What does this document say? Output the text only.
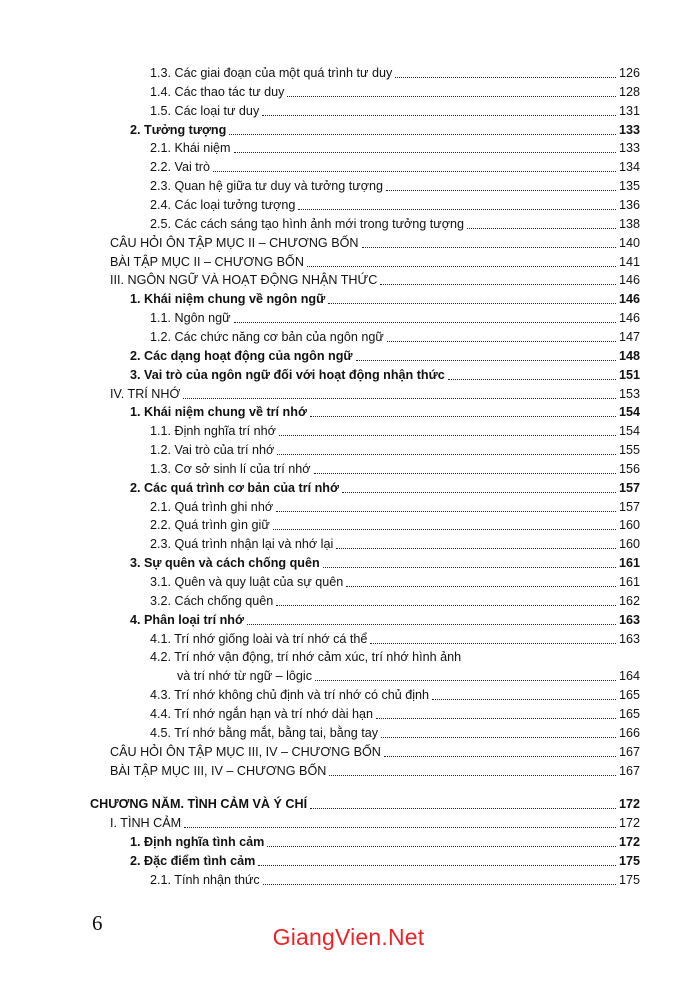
1.3. Các giai đoạn của một quá trình tư duy	126
1.4. Các thao tác tư duy	128
1.5. Các loại tư duy	131
2. Tưởng tượng	133
2.1. Khái niệm	133
2.2. Vai trò	134
2.3. Quan hệ giữa tư duy và tưởng tượng	135
2.4. Các loại tưởng tượng	136
2.5. Các cách sáng tạo hình ảnh mới trong tưởng tượng	138
CÂU HỎI ÔN TẬP MỤC II – CHƯƠNG BỐN	140
BÀI TẬP MỤC II – CHƯƠNG BỐN	141
III. NGÔN NGỮ VÀ HOẠT ĐỘNG NHẬN THỨC	146
1. Khái niệm chung về ngôn ngữ	146
1.1. Ngôn ngữ	146
1.2. Các chức năng cơ bản của ngôn ngữ	147
2. Các dạng hoạt động của ngôn ngữ	148
3. Vai trò của ngôn ngữ đối với hoạt động nhận thức	151
IV. TRÍ NHỚ	153
1. Khái niệm chung về trí nhớ	154
1.1. Định nghĩa trí nhớ	154
1.2. Vai trò của trí nhớ	155
1.3. Cơ sở sinh lí của trí nhớ	156
2. Các quá trình cơ bản của trí nhớ	157
2.1. Quá trình ghi nhớ	157
2.2. Quá trình gìn giữ	160
2.3. Quá trình nhận lại và nhớ lại	160
3. Sự quên và cách chống quên	161
3.1. Quên và quy luật của sự quên	161
3.2. Cách chống quên	162
4. Phân loại trí nhớ	163
4.1. Trí nhớ giống loài và trí nhớ cá thể	163
4.2. Trí nhớ vận động, trí nhớ cảm xúc, trí nhớ hình ảnh
và trí nhớ từ ngữ – lôgic	164
4.3. Trí nhớ không chủ định và trí nhớ có chủ định	165
4.4. Trí nhớ ngắn hạn và trí nhớ dài hạn	165
4.5. Trí nhớ bằng mắt, bằng tai, bằng tay	166
CÂU HỎI ÔN TẬP MỤC III, IV – CHƯƠNG BỐN	167
BÀI TẬP MỤC III, IV – CHƯƠNG BỐN	167
CHƯƠNG NĂM. TÌNH CẢM VÀ Ý CHÍ	172
I. TÌNH CẢM	172
1. Định nghĩa tình cảm	172
2. Đặc điểm tình cảm	175
2.1. Tính nhận thức	175
6
GiangVien.Net
